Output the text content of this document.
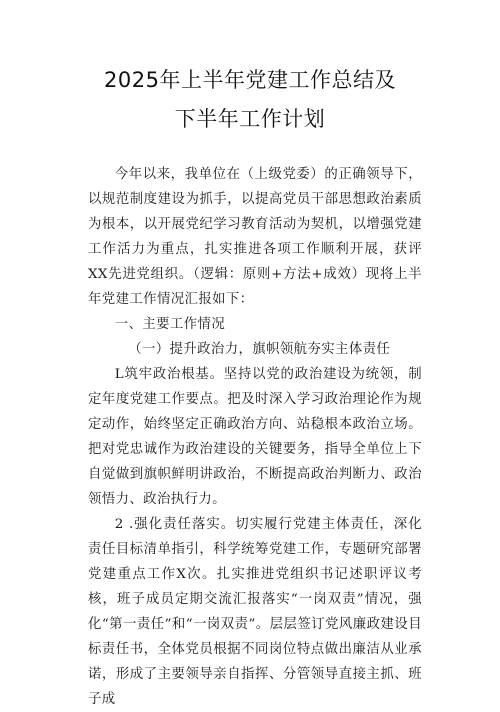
2025年上半年党建工作总结及
下半年工作计划

今年以来，我单位在（上级党委）的正确领导下，以规范制度建设为抓手，以提高党员干部思想政治素质为根本，以开展党纪学习教育活动为契机，以增强党建工作活力为重点，扎实推进各项工作顺利开展，获评XX先进党组织。（逻辑：原则+方法+成效）现将上半年党建工作情况汇报如下：

一、主要工作情况

（一）提升政治力，旗帜领航夯实主体责任

L筑牢政治根基。坚持以党的政治建设为统领，制定年度党建工作要点。把及时深入学习政治理论作为规定动作，始终坚定正确政治方向、站稳根本政治立场。把对党忠诚作为政治建设的关键要务，指导全单位上下自觉做到旗帜鲜明讲政治，不断提高政治判断力、政治领悟力、政治执行力。

2 .强化责任落实。切实履行党建主体责任，深化责任目标清单指引，科学统筹党建工作，专题研究部署党建重点工作X次。扎实推进党组织书记述职评议考核，班子成员定期交流汇报落实“一岗双责”情况，强化“第一责任”和“一岗双责”。层层签订党风廉政建设目标责任书，全体党员根据不同岗位特点做出廉洁从业承诺，形成了主要领导亲自指挥、分管领导直接主抓、班子成
